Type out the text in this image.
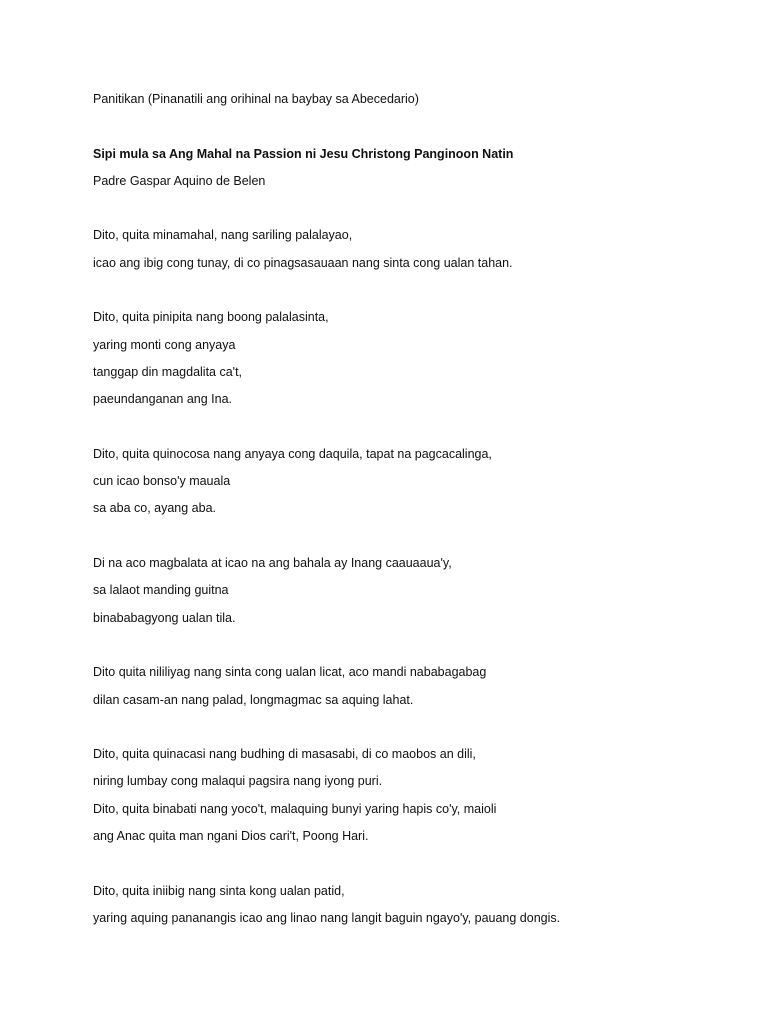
Panitikan (Pinanatili ang orihinal na baybay sa Abecedario)

Sipi mula sa Ang Mahal na Passion ni Jesu Christong Panginoon Natin

Padre Gaspar Aquino de Belen

Dito, quita minamahal, nang sariling palalayao,

icao ang ibig cong tunay, di co pinagsasauaan nang sinta cong ualan tahan.

Dito, quita pinipita nang boong palalasinta,

yaring monti cong anyaya

tanggap din magdalita ca't,

paeundanganan ang Ina.

Dito, quita quinocosa nang anyaya cong daquila, tapat na pagcacalinga,

cun icao bonso'y mauala

sa aba co, ayang aba.

Di na aco magbalata at icao na ang bahala ay Inang caauaaua'y,

sa lalaot manding guitna

binababagyong ualan tila.

Dito quita nililiyag nang sinta cong ualan licat, aco mandi nababagabag

dilan casam-an nang palad, longmagmac sa aquing lahat.

Dito, quita quinacasi nang budhing di masasabi, di co maobos an dili,

niring lumbay cong malaqui pagsira nang iyong puri.

Dito, quita binabati nang yoco't, malaquing bunyi yaring hapis co'y, maioli

ang Anac quita man ngani Dios cari't, Poong Hari.

Dito, quita iniibig nang sinta kong ualan patid,

yaring aquing pananangis icao ang linao nang langit baguin ngayo'y, pauang dongis.
